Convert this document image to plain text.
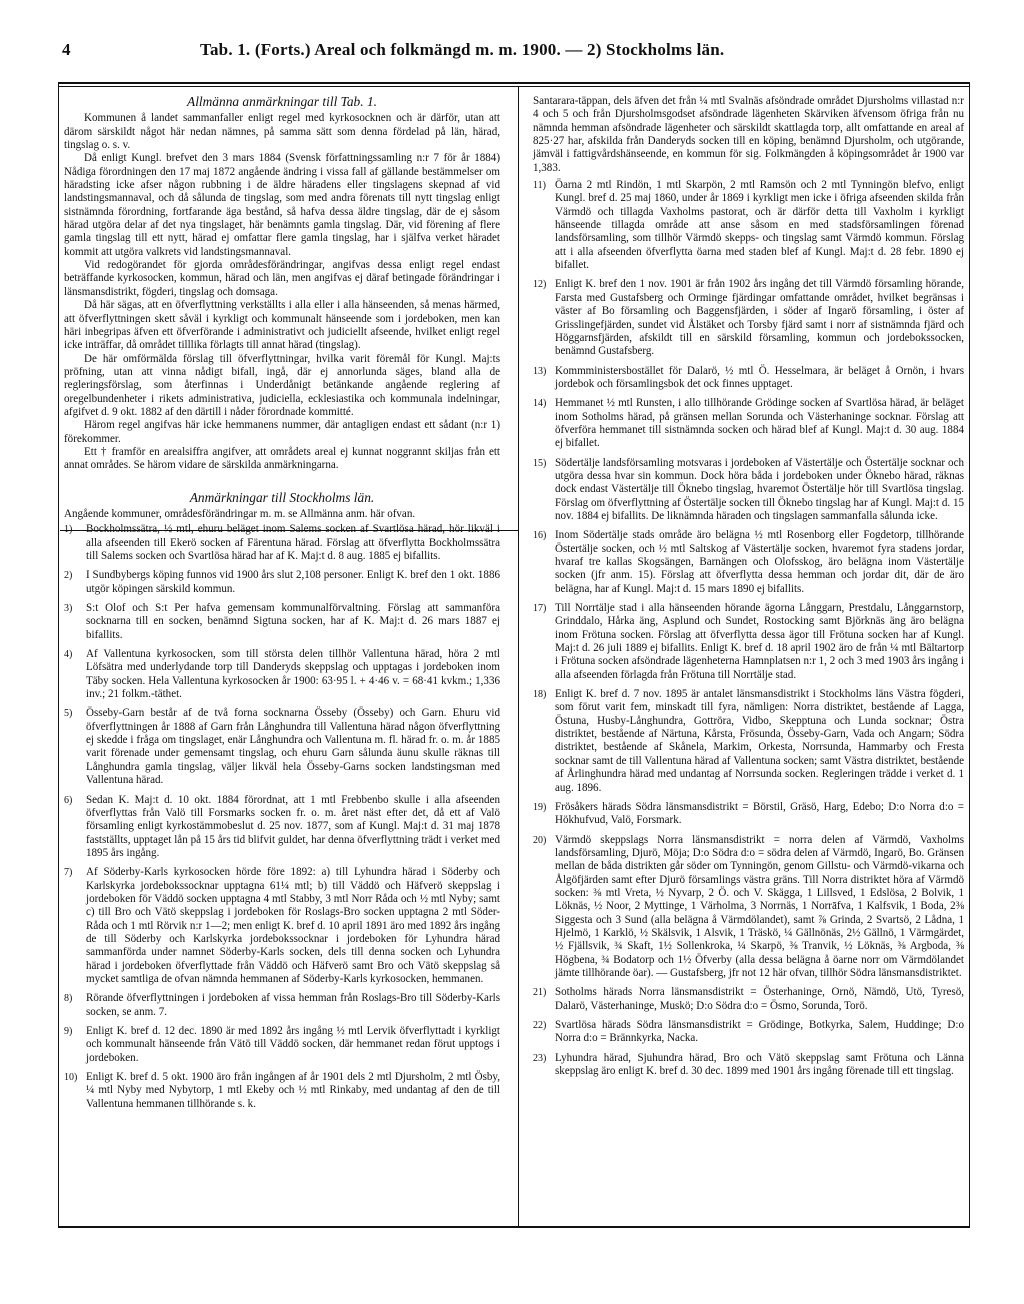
4	Tab. 1. (Forts.) Areal och folkmängd m. m. 1900. — 2) Stockholms län.
Allmänna anmärkningar till Tab. 1.

Kommunen å landet sammanfaller enligt regel med kyrkosocknen och är därför, utan att därom särskildt något här nedan nämnes, på samma sätt som denna fördelad på län, härad, tingslag o. s. v.

Då enligt Kungl. brefvet den 3 mars 1884 (Svensk författningssamling n:r 7 för år 1884) Nådiga förordningen den 17 maj 1872 angående ändring i vissa fall af gällande bestämmelser om häradsting icke afser någon rubbning i de äldre häradens eller tingslagens skepnad af vid landstingsmannaval, och då sålunda de tingslag, som med andra förenats till nytt tingslag enligt sistnämnda förordning, fortfarande äga bestånd, så hafva dessa äldre tingslag, där de ej såsom härad utgöra delar af det nya tingslaget, här benämnts gamla tingslag. Där, vid förening af flere gamla tingslag till ett nytt, härad ej omfattar flere gamla tingslag, har i själfva verket häradet kommit att utgöra valkrets vid landstingsmannaval.

Vid redogörandet för gjorda områdesförändringar, angifvas dessa enligt regel endast beträffande kyrkosocken, kommun, härad och län, men angifvas ej däraf betingade förändringar i länsmansdistrikt, fögderi, tingslag och domsaga.

Då här sägas, att en öfverflyttning verkställts i alla eller i alla hänseenden, så menas härmed, att öfverflyttningen skett såväl i kyrkligt och kommunalt hänseende som i jordeboken, men kan häri inbegripas äfven ett öfverförande i administrativt och judiciellt afseende, hvilket enligt regel icke inträffar, då området tilllika förlagts till annat härad (tingslag).

De här omförmälda förslag till öfverflyttningar, hvilka varit föremål för Kungl. Maj:ts pröfning, utan att vinna nådigt bifall, ingå, där ej annorlunda säges, bland alla de regleringsförslag, som återfinnas i Underdånigt betänkande angående reglering af oregelbundenheter i rikets administrativa, judiciella, ecklesiastika och kommunala indelningar, afgifvet d. 9 okt. 1882 af den därtill i nåder förordnade kommitté.

Härom regel angifvas här icke hemmanens nummer, där antagligen endast ett sådant (n:r 1) förekommer.

Ett † framför en arealsiffra angifver, att områdets areal ej kunnat noggrannt skiljas från ett annat områdes. Se härom vidare de särskilda anmärkningarna.

Anmärkningar till Stockholms län.

Angående kommuner, områdesförändringar m. m. se Allmänna anm. här ofvan.

1)	Bockholmssätra, ½ mtl, ehuru beläget inom Salems socken af Svartlösa härad, hör likväl i alla afseenden till Ekerö socken af Färentuna härad. Förslag att öfverflytta Bockholmssätra till Salems socken och Svartlösa härad har af K. Maj:t d. 8 aug. 1885 ej bifallits.
2)	I Sundbybergs köping funnos vid 1900 års slut 2,108 personer. Enligt K. bref den 1 okt. 1886 utgör köpingen särskild kommun.
3)	S:t Olof och S:t Per hafva gemensam kommunalförvaltning. Förslag att sammanföra socknarna till en socken, benämnd Sigtuna socken, har af K. Maj:t d. 26 mars 1887 ej bifallits.
4)	Af Vallentuna kyrkosocken, som till största delen tillhör Vallentuna härad, höra 2 mtl Löfsätra med underlydande torp till Danderyds skeppslag och upptagas i jordeboken inom Täby socken. Hela Vallentuna kyrkosocken år 1900: 63·95 l. + 4·46 v. = 68·41 kvkm.; 1,336 inv.; 21 folkm.-täthet.
5)	Össeby-Garn består af de två forna socknarna Össeby (Össeby) och Garn. Ehuru vid öfverflyttningen år 1888 af Garn från Långhundra till Vallentuna härad någon öfverflyttning ej skedde i fråga om tingslaget, enär Långhundra och Vallentuna m. fl. härad fr. o. m. år 1885 varit förenade under gemensamt tingslag, och ehuru Garn sålunda äunu skulle räknas till Långhundra gamla tingslag, väljer likväl hela Össeby-Garns socken landstingsman med Vallentuna härad.
6)	Sedan K. Maj:t d. 10 okt. 1884 förordnat, att 1 mtl Frebbenbo skulle i alla afseenden öfverflyttas från Valö till Forsmarks socken fr. o. m. året näst efter det, då ett af Valö församling enligt kyrkostämmobeslut d. 25 nov. 1877, som af Kungl. Maj:t d. 31 maj 1878 fastställts, upptaget lån på 15 års tid blifvit guldet, har denna öfverflyttning trädt i verket med 1895 års ingång.
7)	Af Söderby-Karls kyrkosocken hörde före 1892: a) till Lyhundra härad i Söderby och Karlskyrka jordebokssocknar upptagna 61¼ mtl; b) till Väddö och Häfverö skeppslag i jordeboken för Väddö socken upptagna 4 mtl Stabby, 3 mtl Norr Råda och ½ mtl Nyby; samt c) till Bro och Vätö skeppslag i jordeboken för Roslags-Bro socken upptagna 2 mtl Söder-Råda och 1 mtl Rörvik n:r 1—2; men enligt K. bref d. 10 april 1891 äro med 1892 års ingång de till Söderby och Karlskyrka jordebokssocknar i jordeboken för Lyhundra härad sammanförda under namnet Söderby-Karls socken, dels till denna socken och Lyhundra härad i jordeboken öfverflyttade från Väddö och Häfverö samt Bro och Vätö skeppslag så mycket samtliga de ofvan nämnda hemmanen af Söderby-Karls kyrkosocken, hemmanen.
8)	Rörande öfverflyttningen i jordeboken af vissa hemman från Roslags-Bro till Söderby-Karls socken, se anm. 7.
9)	Enligt K. bref d. 12 dec. 1890 är med 1892 års ingång ½ mtl Lervik öfverflyttadt i kyrkligt och kommunalt hänseende från Vätö till Väddö socken, där hemmanet redan förut upptogs i jordeboken.
10) Enligt K. bref d. 5 okt. 1900 äro från ingången af år 1901 dels 2 mtl Djursholm, 2 mtl Ösby, ¼ mtl Nyby med Nybytorp, 1 mtl Ekeby och ½ mtl Rinkaby, med undantag af den de till Vallentuna hemmanen tillhörande s. k.

Santarara-täppan, dels äfven det från ¼ mtl Svalnäs afsöndrade området Djursholms villastad n:r 4 och 5 och från Djursholmsgodset afsöndrade lägenheten Skärviken äfvensom öfriga från nu nämnda hemman afsöndrade lägenheter och särskildt skattlagda torp, allt omfattande en areal af 825·27 har, afskilda från Danderyds socken till en köping, benämnd Djursholm, och utgörande, jämväl i fattigvårdshänseende, en kommun för sig. Folkmängden å köpingsområdet år 1900 var 1,383.

11) Öarna 2 mtl Rindön, 1 mtl Skarpön, 2 mtl Ramsön och 2 mtl Tynningön blefvo, enligt Kungl. bref d. 25 maj 1860, under år 1869 i kyrkligt men icke i öfriga afseenden skilda från Värmdö och tillagda Vaxholms pastorat, och är därför detta till Vaxholm i kyrkligt hänseende tillagda område att anse såsom en med stadsförsamlingen förenad landsförsamling, som tillhör Värmdö skepps- och tingslag samt Värmdö kommun. Förslag att i alla afseenden öfverflytta öarna med staden blef af Kungl. Maj:t d. 28 febr. 1890 ej bifallet.
12) Enligt K. bref den 1 nov. 1901 är från 1902 års ingång det till Värmdö församling hörande, Farsta med Gustafsberg och Orminge fjärdingar omfattande området, hvilket begränsas i väster af Bo församling och Baggensfjärden, i söder af Ingarö församling, i öster af Grisslingefjärden, sundet vid Ålstäket och Torsby fjärd samt i norr af sistnämnda fjärd och Höggarnsfjärden, afskildt till en särskild församling, kommun och jordebokssocken, benämnd Gustafsberg.
13) Kommministersbostället för Dalarö, ½ mtl Ö. Hesselmara, är beläget å Ornön, i hvars jordebok och församlingsbok det ock finnes upptaget.
14) Hemmanet ½ mtl Runsten, i allo tillhörande Grödinge socken af Svartlösa härad, är beläget inom Sotholms härad, på gränsen mellan Sorunda och Västerhaninge socknar. Förslag att öfverföra hemmanet till sistnämnda socken och härad blef af Kungl. Maj:t d. 30 aug. 1884 ej bifallet.
15) Södertälje landsförsamling motsvaras i jordeboken af Västertälje och Östertälje socknar och utgöra dessa hvar sin kommun. Dock höra båda i jordeboken under Öknebo härad, räknas dock endast Västertälje till Öknebo tingslag, hvaremot Östertälje hör till Svartlösa tingslag. Förslag om öfverflyttning af Östertälje socken till Öknebo tingslag har af Kungl. Maj:t d. 15 nov. 1884 ej bifallits. De liknämnda häraden och tingslagen sammanfalla sålunda icke.
16) Inom Södertälje stads område äro belägna ½ mtl Rosenborg eller Fogdetorp, tillhörande Östertälje socken, och ½ mtl Saltskog af Västertälje socken, hvaremot fyra stadens jordar, hvaraf tre kallas Skogsängen, Barnängen och Olofsskog, äro belägna inom Västertälje socken (jfr anm. 15). Förslag att öfverflytta dessa hemman och jordar dit, där de äro belägna, har af Kungl. Maj:t d. 15 mars 1890 ej bifallits.
17) Till Norrtälje stad i alla hänseenden hörande ägorna Långgarn, Prestdalu, Långgarnstorp, Grinddalo, Hårka äng, Asplund och Sundet, Rostocking samt Björknäs äng äro belägna inom Frötuna socken. Förslag att öfverflytta dessa ägor till Frötuna socken har af Kungl. Maj:t d. 26 juli 1889 ej bifallits. Enligt K. bref d. 18 april 1902 äro de från ¼ mtl Bältartorp i Frötuna socken afsöndrade lägenheterna Hamnplatsen n:r 1, 2 och 3 med 1903 års ingång i alla afseenden förlagda från Frötuna till Norrtälje stad.
18) Enligt K. bref d. 7 nov. 1895 är antalet länsmansdistrikt i Stockholms läns Västra fögderi, som förut varit fem, minskadt till fyra, nämligen: Norra distriktet, bestående af Lagga, Östuna, Husby-Långhundra, Gottröra, Vidbo, Skepptuna och Lunda socknar; Östra distriktet, bestående af Närtuna, Kårsta, Frösunda, Össeby-Garn, Vada och Angarn; Södra distriktet, bestående af Skånela, Markim, Orkesta, Norrsunda, Hammarby och Fresta socknar samt de till Vallentuna härad af Vallentuna socken; samt Västra distriktet, bestående af Årlinghundra härad med undantag af Norrsunda socken. Regleringen trädde i verket d. 1 aug. 1896.
19) Frösåkers härads Södra länsmansdistrikt = Börstil, Gräsö, Harg, Edebo; D:o Norra d:o = Hökhufvud, Valö, Forsmark.
20) Värmdö skeppslags Norra länsmansdistrikt = norra delen af Värmdö, Vaxholms landsförsamling, Djurö, Möja; D:o Södra d:o = södra delen af Värmdö, Ingarö, Bo. Gränsen mellan de båda distrikten går söder om Tynningön, genom Gillstu- och Värmdö-vikarna och Ålgöfjärden samt efter Djurö församlings västra gräns. Till Norra distriktet höra af Värmdö socken: ⅜ mtl Vreta, ½ Nyvarp, 2 Ö. och V. Skägga, 1 Lillsved, 1 Edslösa, 2 Bolvik, 1 Löknäs, ½ Noor, 2 Myttinge, 1 Värholma, 3 Norrnäs, 1 Norrāfva, 1 Kalfsvik, 1 Boda, 2⅜ Siggesta och 3 Sund (alla belägna å Värmdölandet), samt ⅞ Grinda, 2 Svartsö, 2 Lådna, 1 Hjelmö, 1 Karklö, ½ Skälsvik, 1 Alsvik, 1 Träskö, ¼ Gällnönäs, 2½ Gällnö, 1 Värmgärdet, ½ Fjällsvik, ¾ Skaft, 1½ Sollenkroka, ¼ Skarpö, ⅜ Tranvik, ½ Löknäs, ⅜ Argboda, ⅜ Högbena, ¾ Bodatorp och 1½ Öfverby (alla dessa belägna å öarne norr om Värmdölandet jämte tillhörande öar). — Gustafsberg, jfr not 12 här ofvan, tillhör Södra länsmansdistriktet.
21) Sotholms härads Norra länsmansdistrikt = Österhaninge, Ornö, Nämdö, Utö, Tyresö, Dalarö, Västerhaninge, Muskö; D:o Södra d:o = Ösmo, Sorunda, Torö.
22) Svartlösa härads Södra länsmansdistrikt = Grödinge, Botkyrka, Salem, Huddinge; D:o Norra d:o = Brännkyrka, Nacka.
23) Lyhundra härad, Sjuhundra härad, Bro och Vätö skeppslag samt Frötuna och Länna skeppslag äro enligt K. bref d. 30 dec. 1899 med 1901 års ingång förenade till ett tingslag.
